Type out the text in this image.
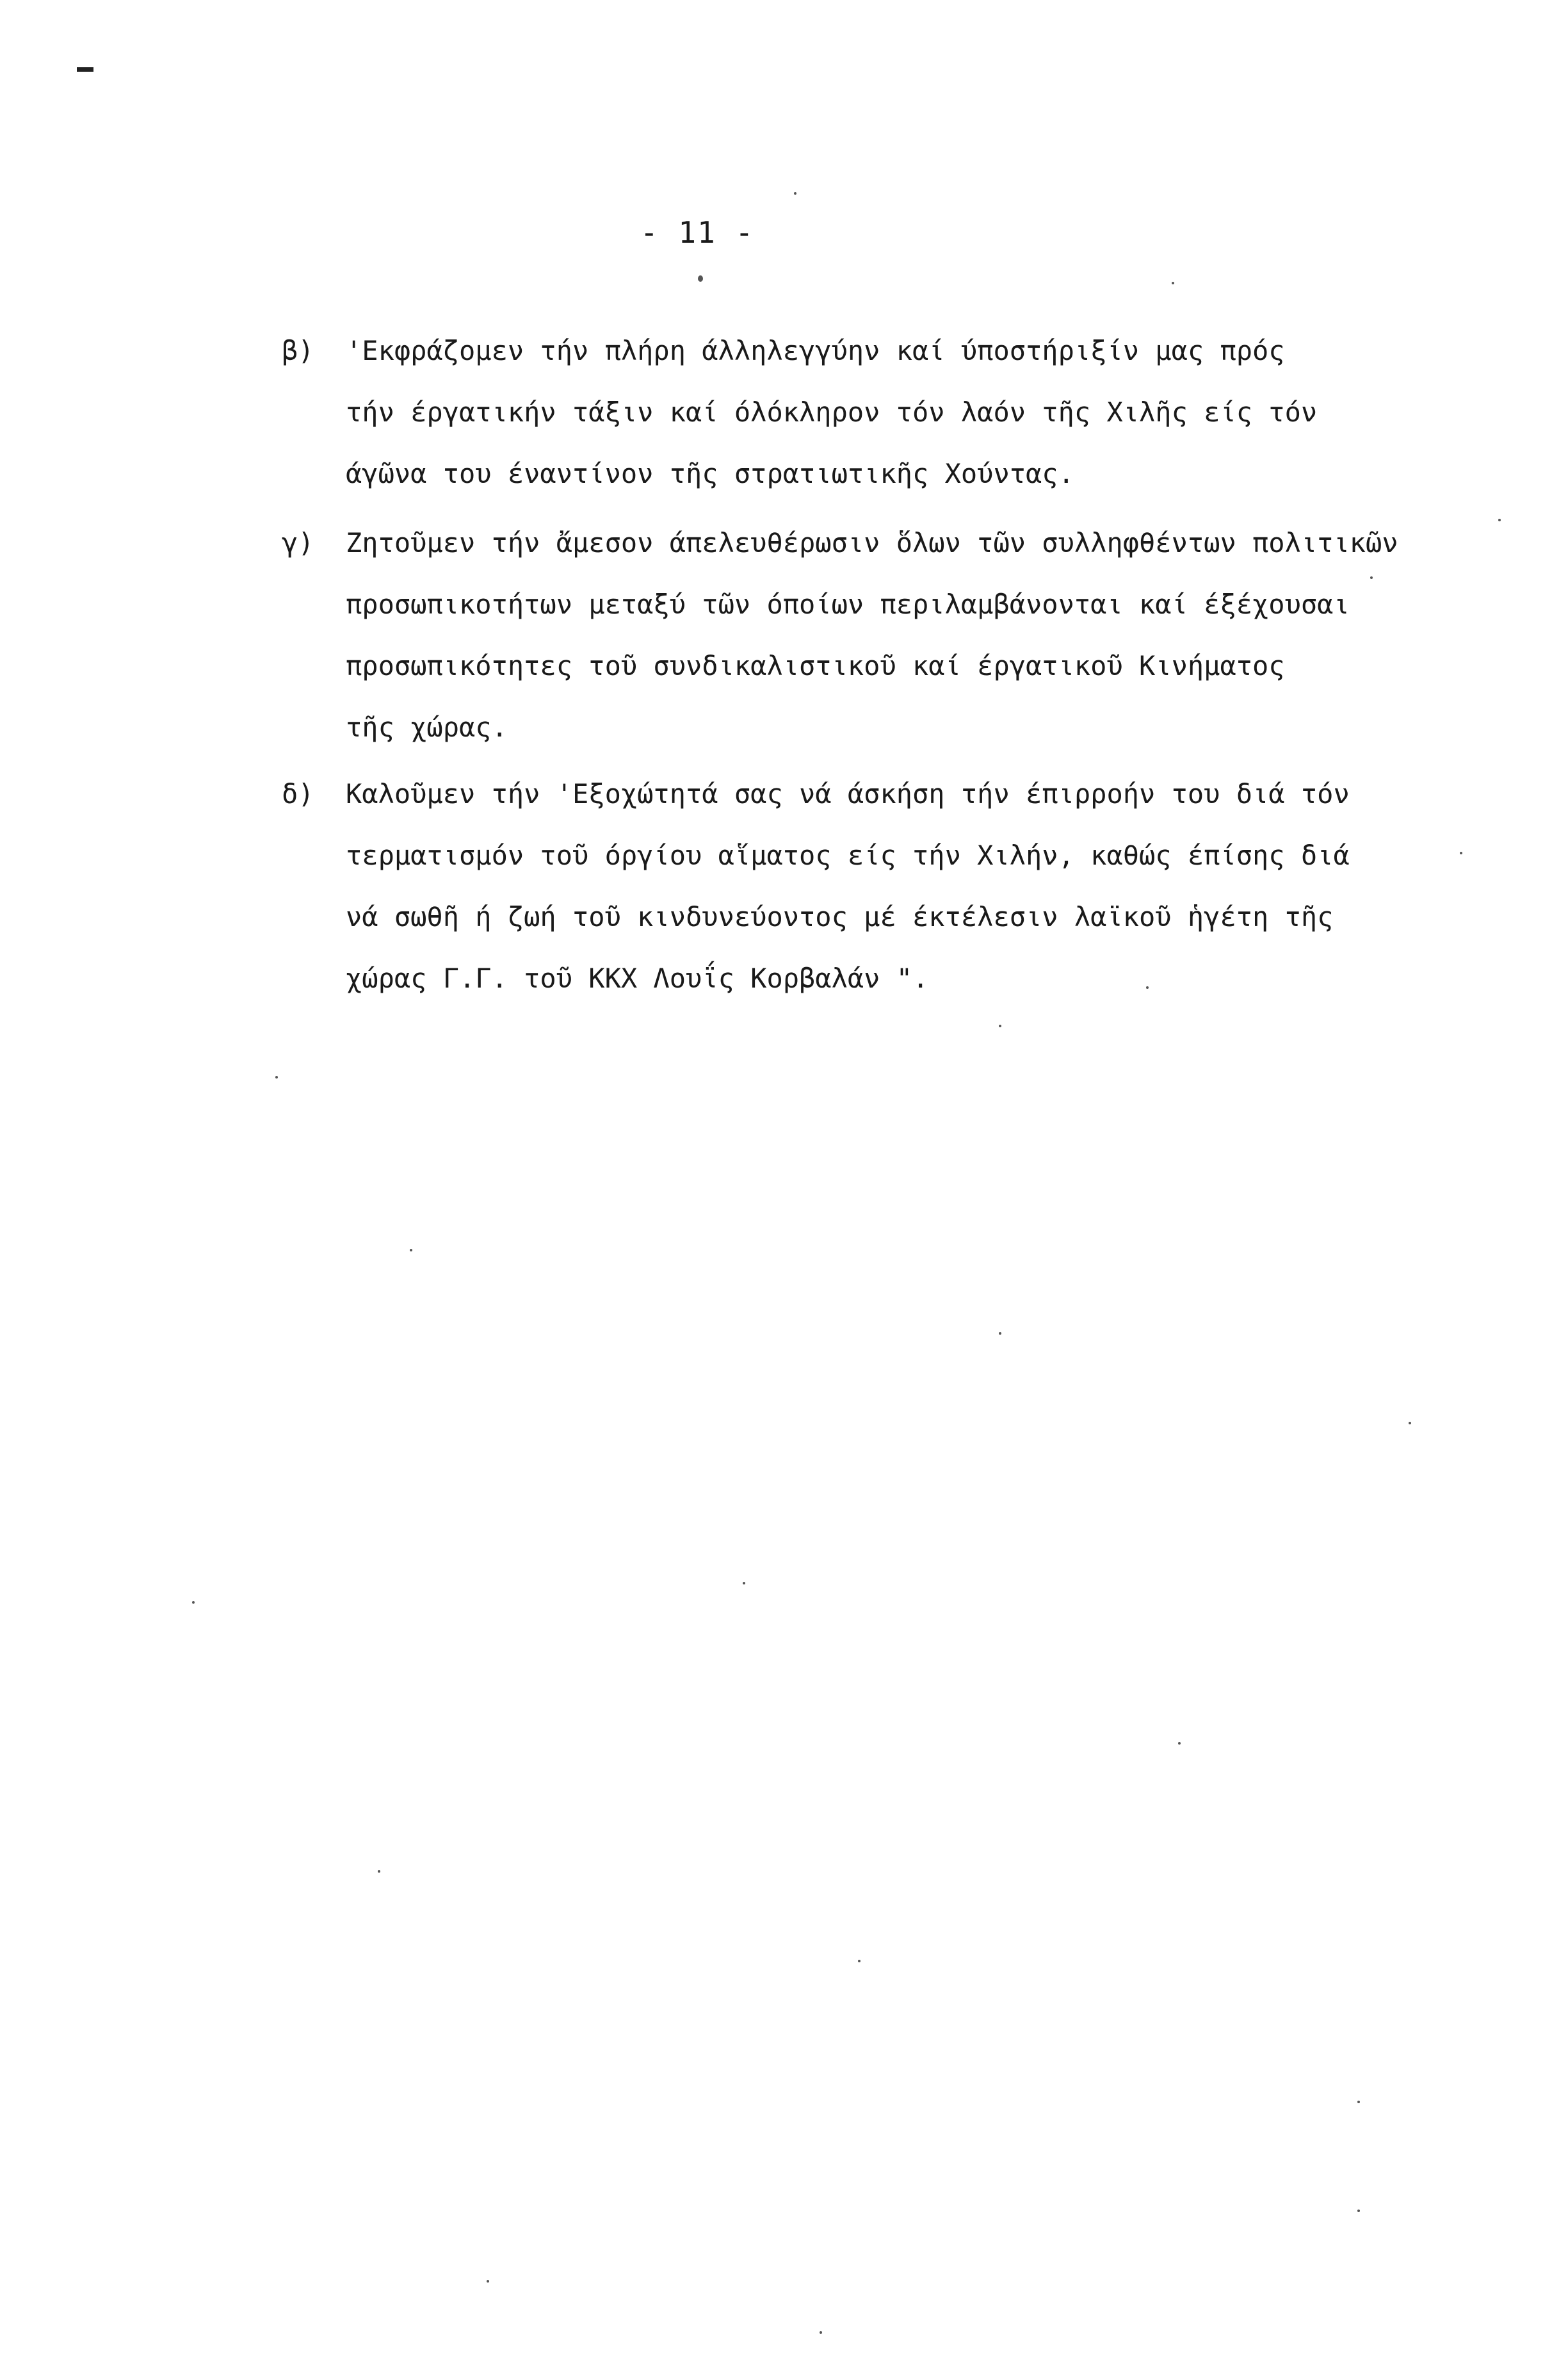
- 11 -
β) 'Εκφράζομεν τήν πλήρη άλληλεγγύην καί ύποστήριξίν μας πρός
τήν έργατικήν τάξιν καί όλόκληρον τόν λαόν τῆς Χιλῆς είς τόν
άγῶνα του έναντίνον τῆς στρατιωτικῆς Χούντας.
γ) Ζητοῦμεν τήν ἄμεσον άπελευθέρωσιν ὅλων τῶν συλληφθέντων πολιτικῶν
προσωπικοτήτων μεταξύ τῶν όποίων περιλαμβάνονται καί έξέχουσαι
προσωπικότητες τοῦ συνδικαλιστικοῦ καί έργατικοῦ Κινήματος
τῆς χώρας.
δ) Καλοῦμεν τήν 'Εξοχώτητά σας νά άσκήση τήν έπιρροήν του διά τόν
τερματισμόν τοῦ όργίου αἵματος είς τήν Χιλήν, καθώς έπίσης διά
νά σωθῆ ή ζωή τοῦ κινδυνεύοντος μέ έκτέλεσιν λαϊκοῦ ἡγέτη τῆς
χώρας Γ.Γ. τοῦ ΚΚΧ Λουΐς Κορβαλάν ".
